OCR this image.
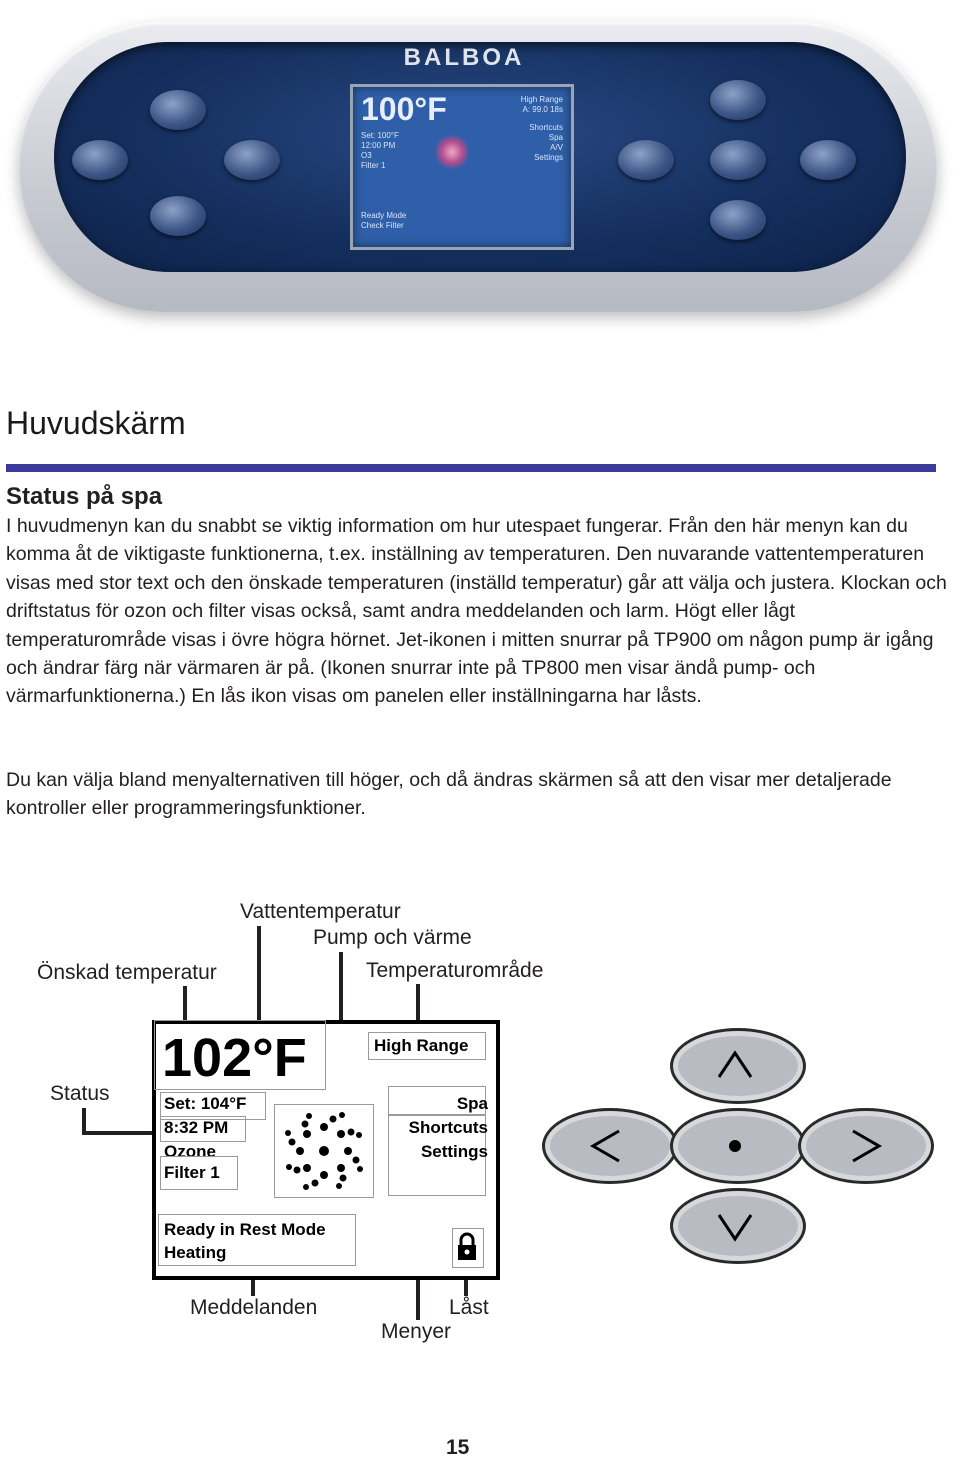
BALBOA
100°F
Set: 100°F
12:00 PM
O3
Filter 1
High Range
A: 99.0 18s
Shortcuts
Spa
A/V
Settings
Ready Mode
Check Filter
Huvudskärm
Status på spa

I huvudmenyn kan du snabbt se viktig information om hur utespaet fungerar. Från den här menyn kan du komma åt de viktigaste funktionerna, t.ex. inställning av temperaturen. Den nuvarande vattentemperaturen visas med stor text och den önskade temperaturen (inställd temperatur) går att välja och justera. Klockan och driftstatus för ozon och filter visas också, samt andra meddelanden och larm. Högt eller lågt temperaturområde visas i övre högra hörnet. Jet-ikonen i mitten snurrar på TP900 om någon pump är igång och ändrar färg när värmaren är på. (Ikonen snurrar inte på TP800 men visar ändå pump- och värmarfunktionerna.) En lås ikon visas om panelen eller inställningarna har låsts.

Du kan välja bland menyalternativen till höger, och då ändras skärmen så att den visar mer detaljerade kontroller eller programmeringsfunktioner.

Vattentemperatur
Pump och värme
Önskad temperatur	Temperaturområde
Status
Meddelanden	Låst
Menyer
102°F	High Range
Set: 104°F
8:32 PM
Ozone
Filter 1
Spa
Shortcuts
Settings
Ready in Rest Mode
Heating
15
